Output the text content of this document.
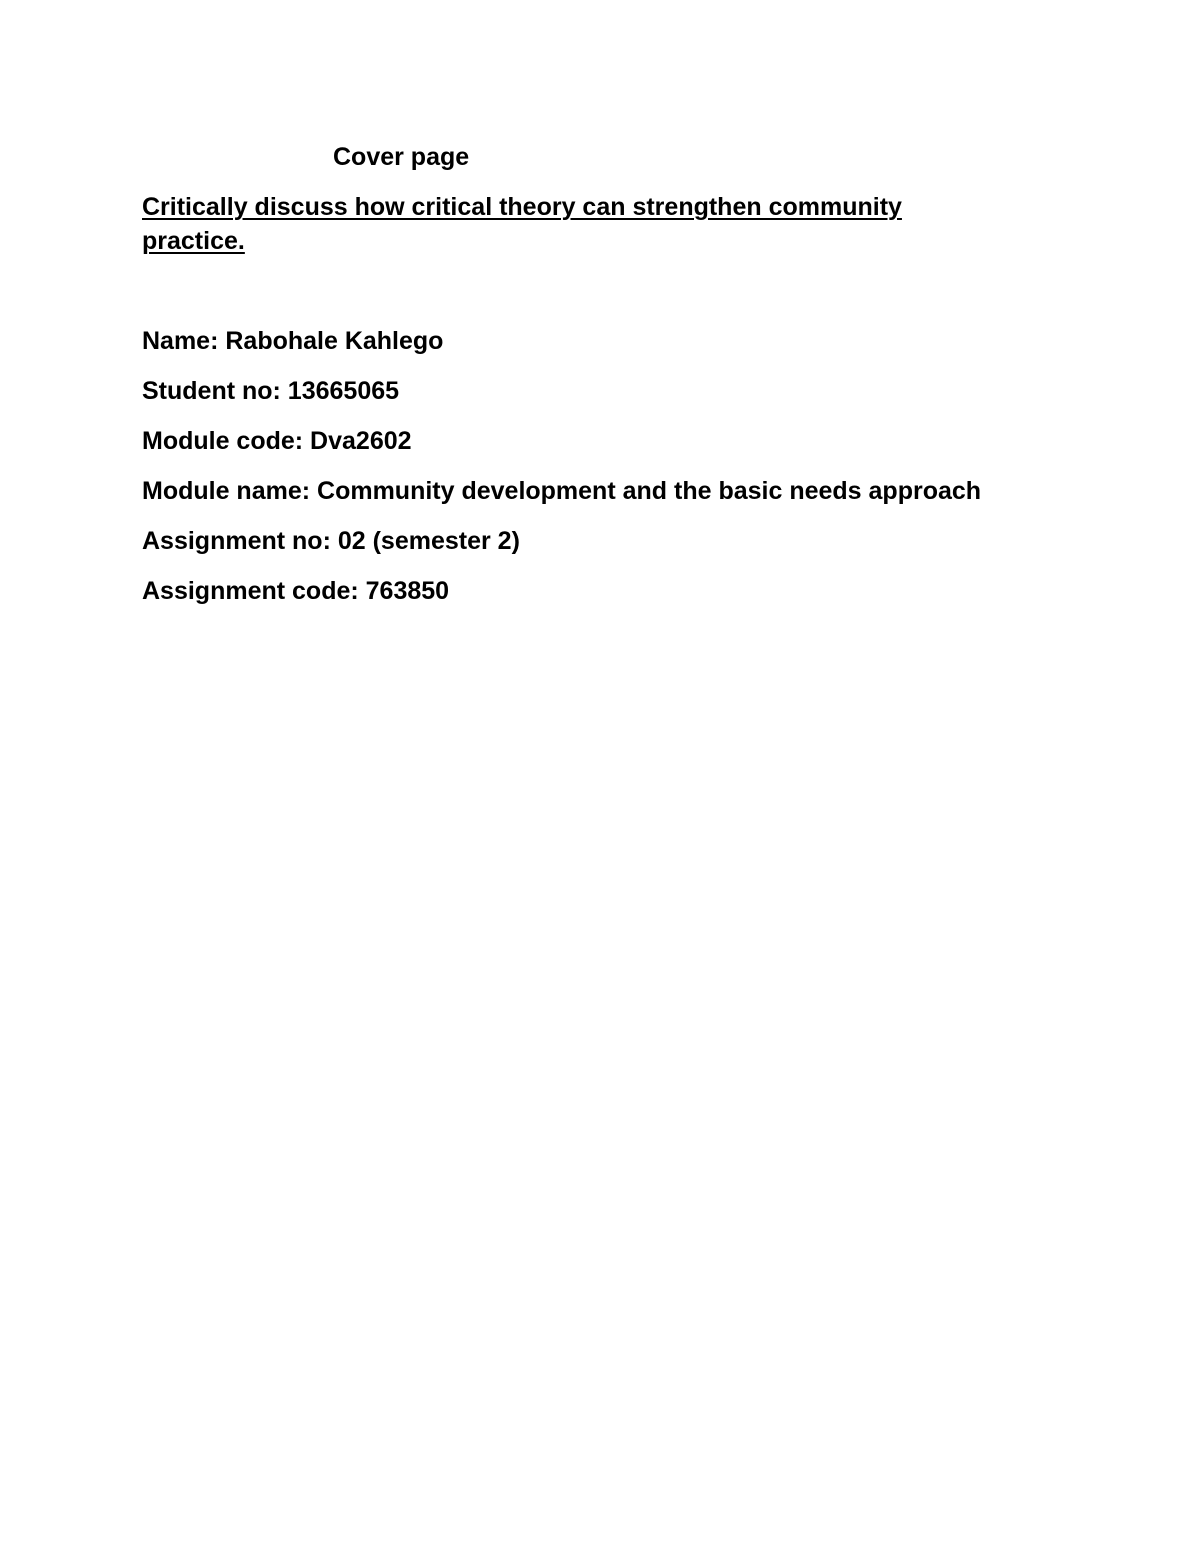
Cover page
Critically discuss how critical theory can strengthen community practice.

Name: Rabohale Kahlego

Student no: 13665065

Module code: Dva2602

Module name: Community development and the basic needs approach

Assignment no: 02 (semester 2)

Assignment code: 763850
